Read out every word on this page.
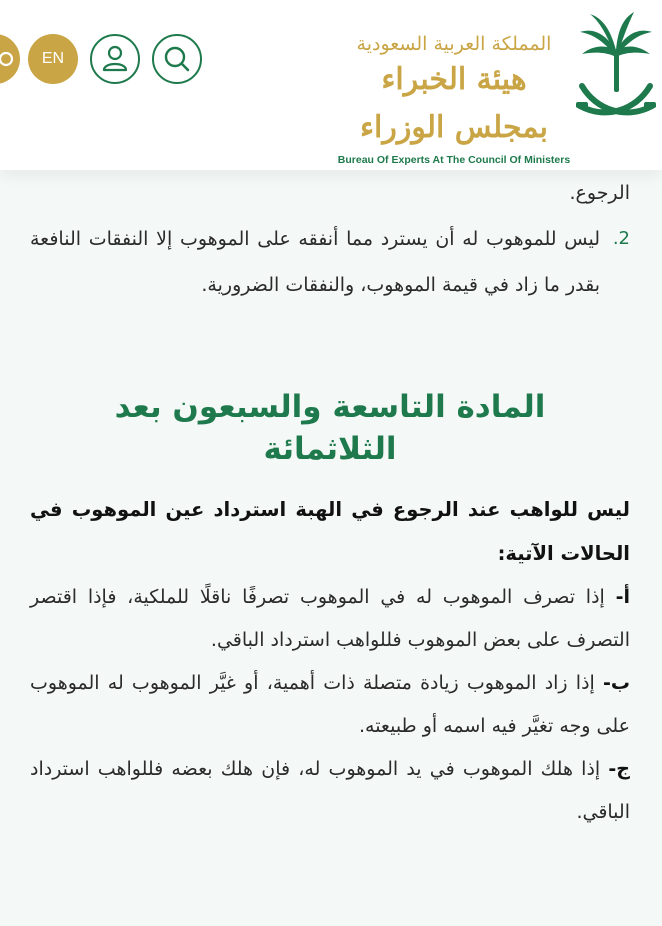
المملكة العربية السعودية
هيئة الخبراء بمجلس الوزراء
Bureau Of Experts At The Council Of Ministers
EN

الرجوع.

2.
ليس للموهوب له أن يسترد مما أنفقه على الموهوب إلا النفقات النافعة بقدر ما زاد في قيمة الموهوب، والنفقات الضرورية.
المادة التاسعة والسبعون بعد الثلاثمائة

ليس للواهب عند الرجوع في الهبة استرداد عين الموهوب في الحالات الآتية:

أ- إذا تصرف الموهوب له في الموهوب تصرفًا ناقلًا للملكية، فإذا اقتصر التصرف على بعض الموهوب فللواهب استرداد الباقي.

ب- إذا زاد الموهوب زيادة متصلة ذات أهمية، أو غيَّر الموهوب له الموهوب على وجه تغيَّر فيه اسمه أو طبيعته.

ج- إذا هلك الموهوب في يد الموهوب له، فإن هلك بعضه فللواهب استرداد الباقي.
